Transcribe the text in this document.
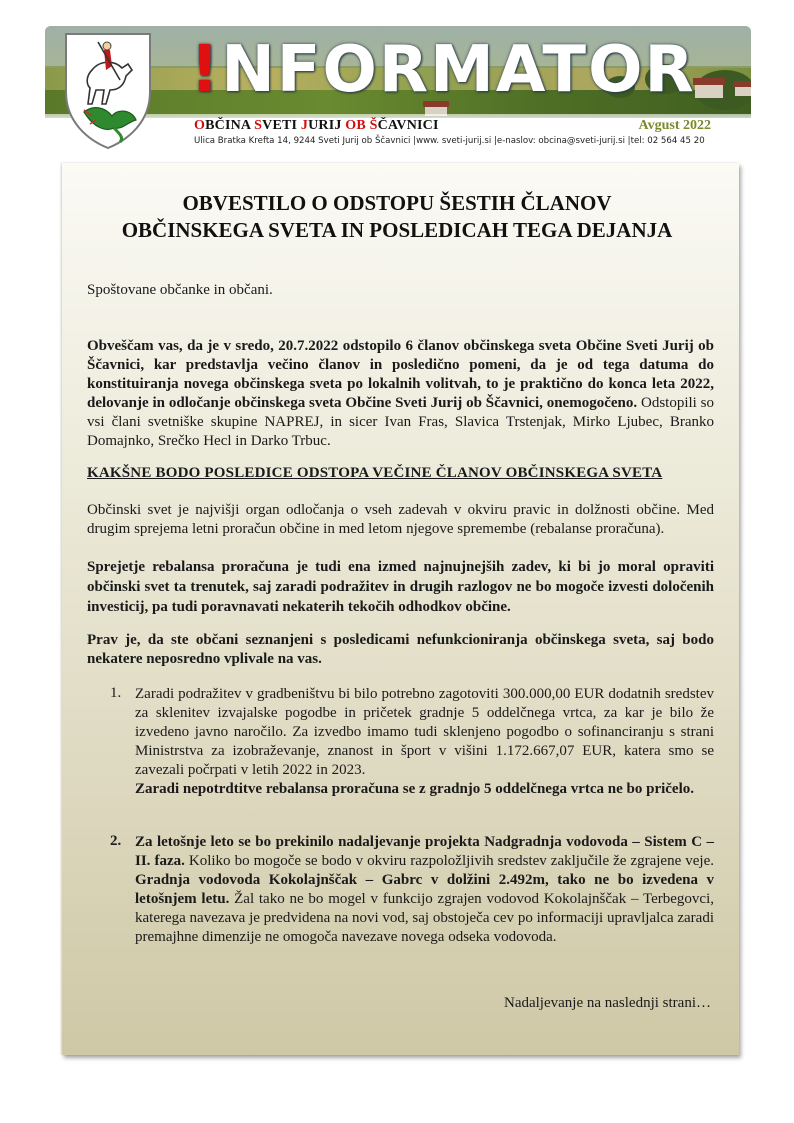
!NFORMATOR
OBČINA SVETI JURIJ OB ŠČAVNICI	Avgust 2022
Ulica Bratka Krefta 14, 9244 Sveti Jurij ob Ščavnici |www. sveti-jurij.si |e-naslov: obcina@sveti-jurij.si |tel: 02 564 45 20
OBVESTILO O ODSTOPU ŠESTIH ČLANOV
OBČINSKEGA SVETA IN POSLEDICAH TEGA DEJANJA
Spoštovane občanke in občani.
Obveščam vas, da je v sredo, 20.7.2022 odstopilo 6 članov občinskega sveta Občine Sveti Jurij ob Ščavnici, kar predstavlja večino članov in posledično pomeni, da je od tega datuma do konstituiranja novega občinskega sveta po lokalnih volitvah, to je praktično do konca leta 2022, delovanje in odločanje občinskega sveta Občine Sveti Jurij ob Ščavnici, onemogočeno. Odstopili so vsi člani svetniške skupine NAPREJ, in sicer Ivan Fras, Slavica Trstenjak, Mirko Ljubec, Branko Domajnko, Srečko Hecl in Darko Trbuc.
KAKŠNE BODO POSLEDICE ODSTOPA VEČINE ČLANOV OBČINSKEGA SVETA
Občinski svet je najvišji organ odločanja o vseh zadevah v okviru pravic in dolžnosti občine. Med drugim sprejema letni proračun občine in med letom njegove spremembe (rebalanse proračuna).
Sprejetje rebalansa proračuna je tudi ena izmed najnujnejših zadev, ki bi jo moral opraviti občinski svet ta trenutek, saj zaradi podražitev in drugih razlogov ne bo mogoče izvesti določenih investicij, pa tudi poravnavati nekaterih tekočih odhodkov občine.
Prav je, da ste občani seznanjeni s posledicami nefunkcioniranja občinskega sveta, saj bodo nekatere neposredno vplivale na vas.
1. Zaradi podražitev v gradbeništvu bi bilo potrebno zagotoviti 300.000,00 EUR dodatnih sredstev za sklenitev izvajalske pogodbe in pričetek gradnje 5 oddelčnega vrtca, za kar je bilo že izvedeno javno naročilo. Za izvedbo imamo tudi sklenjeno pogodbo o sofinanciranju s strani Ministrstva za izobraževanje, znanost in šport v višini 1.172.667,07 EUR, katera smo se zavezali počrpati v letih 2022 in 2023.
Zaradi nepotrdtitve rebalansa proračuna se z gradnjo 5 oddelčnega vrtca ne bo pričelo.
2. Za letošnje leto se bo prekinilo nadaljevanje projekta Nadgradnja vodovoda – Sistem C – II. faza. Koliko bo mogoče se bodo v okviru razpoložljivih sredstev zaključile že zgrajene veje. Gradnja vodovoda Kokolajnščak – Gabrc v dolžini 2.492m, tako ne bo izvedena v letošnjem letu. Žal tako ne bo mogel v funkcijo zgrajen vodovod Kokolajnščak – Terbegovci, katerega navezava je predvidena na novi vod, saj obstoječa cev po informaciji upravljalca zaradi premajhne dimenzije ne omogoča navezave novega odseka vodovoda.
Nadaljevanje na naslednji strani…
